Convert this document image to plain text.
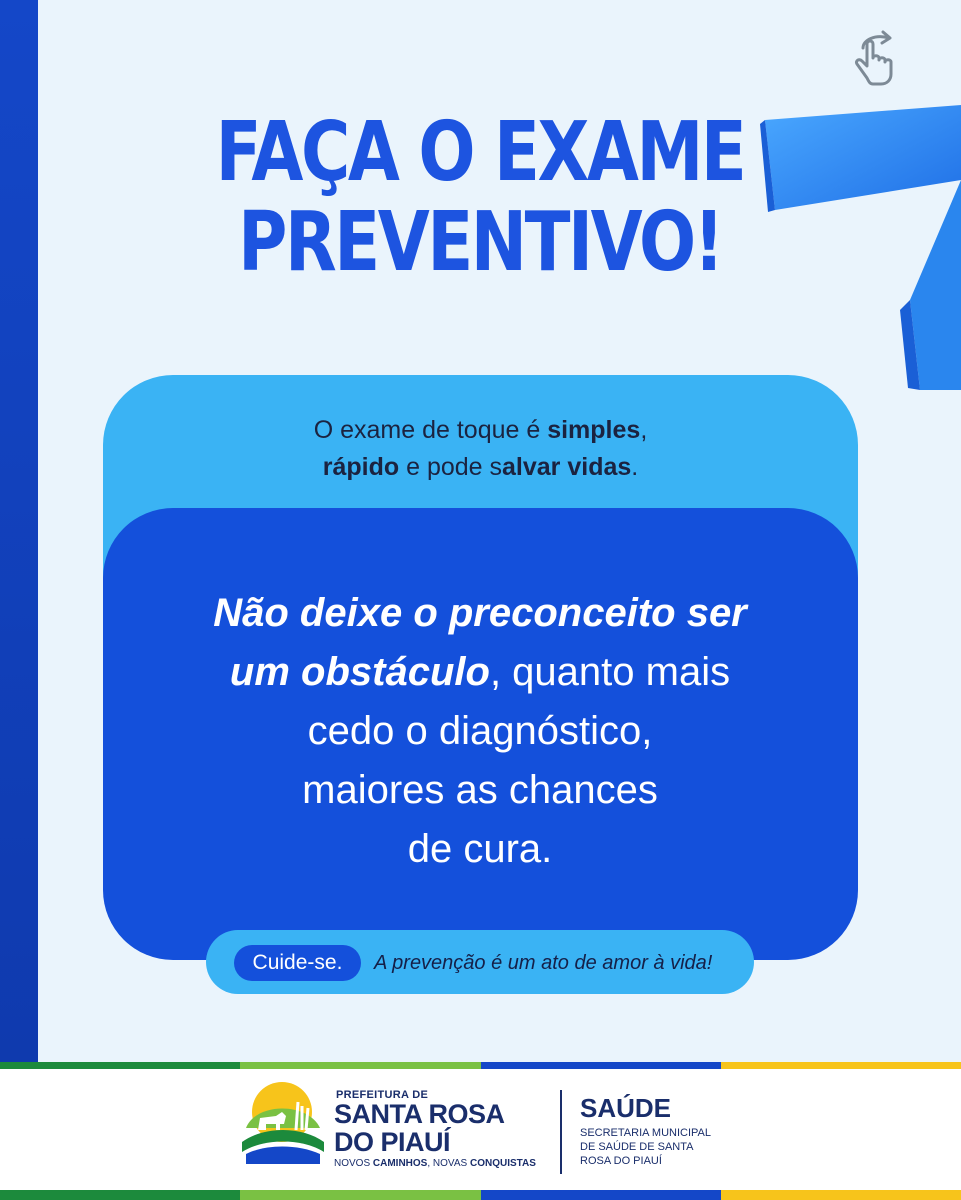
FAÇA O EXAME
PREVENTIVO!
O exame de toque é simples,
rápido e pode salvar vidas.
Não deixe o preconceito ser
um obstáculo, quanto mais
cedo o diagnóstico,
maiores as chances
de cura.
Cuide-se.	A prevenção é um ato de amor à vida!
PREFEITURA DE
SANTA ROSA
DO PIAUÍ
NOVOS CAMINHOS, NOVAS CONQUISTAS
SAÚDE
SECRETARIA MUNICIPAL
DE SAÚDE DE SANTA
ROSA DO PIAUÍ
